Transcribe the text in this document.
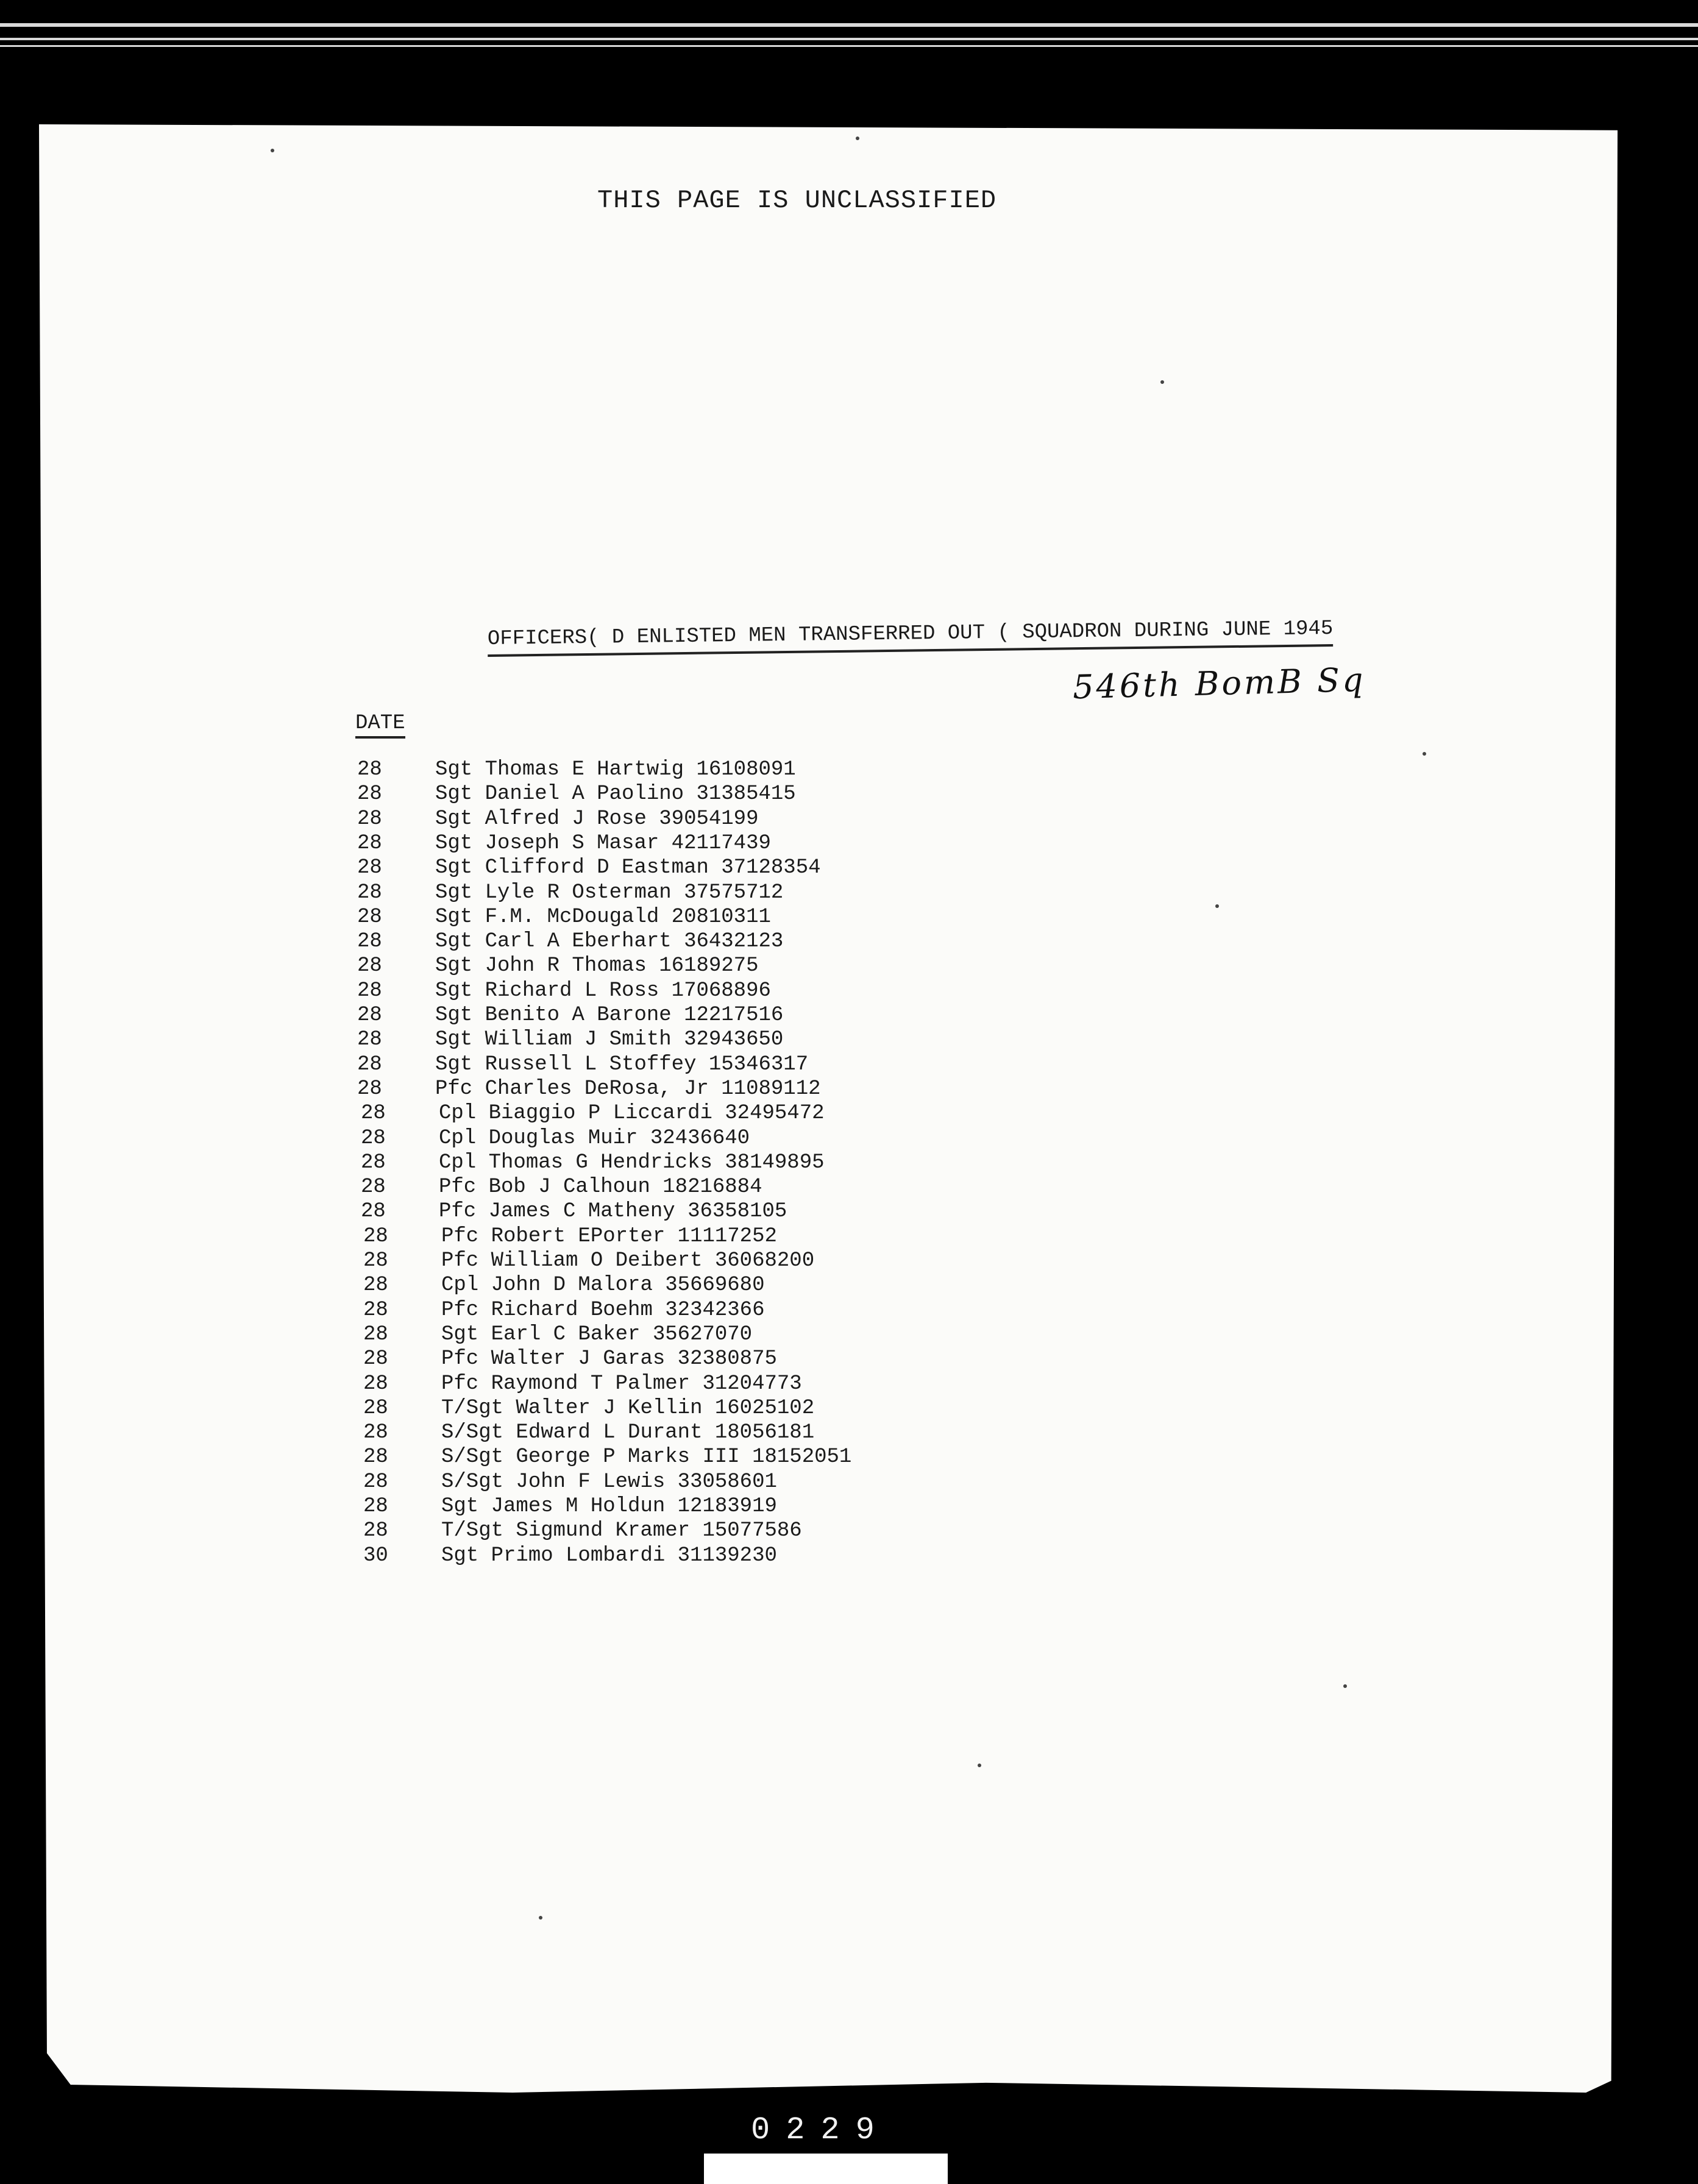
THIS PAGE IS UNCLASSIFIED
OFFICERS( D ENLISTED MEN TRANSFERRED OUT ( SQUADRON DURING JUNE 1945
546th BomB Sq
DATE
28	Sgt Thomas E Hartwig 16108091
28	Sgt Daniel A Paolino 31385415
28	Sgt Alfred J Rose 39054199
28	Sgt Joseph S Masar 42117439
28	Sgt Clifford D Eastman 37128354
28	Sgt Lyle R Osterman 37575712
28	Sgt F.M. McDougald 20810311
28	Sgt Carl A Eberhart 36432123
28	Sgt John R Thomas 16189275
28	Sgt Richard L Ross 17068896
28	Sgt Benito A Barone 12217516
28	Sgt William J Smith 32943650
28	Sgt Russell L Stoffey 15346317
28	Pfc Charles DeRosa, Jr 11089112
28	Cpl Biaggio P Liccardi 32495472
28	Cpl Douglas Muir 32436640
28	Cpl Thomas G Hendricks 38149895
28	Pfc Bob J Calhoun 18216884
28	Pfc James C Matheny 36358105
28	Pfc Robert EPorter 11117252
28	Pfc William O Deibert 36068200
28	Cpl John D Malora 35669680
28	Pfc Richard Boehm 32342366
28	Sgt Earl C Baker 35627070
28	Pfc Walter J Garas 32380875
28	Pfc Raymond T Palmer 31204773
28	T/Sgt Walter J Kellin 16025102
28	S/Sgt Edward L Durant 18056181
28	S/Sgt George P Marks III 18152051
28	S/Sgt John F Lewis 33058601
28	Sgt James M Holdun 12183919
28	T/Sgt Sigmund Kramer 15077586
30	Sgt Primo Lombardi 31139230
0229
